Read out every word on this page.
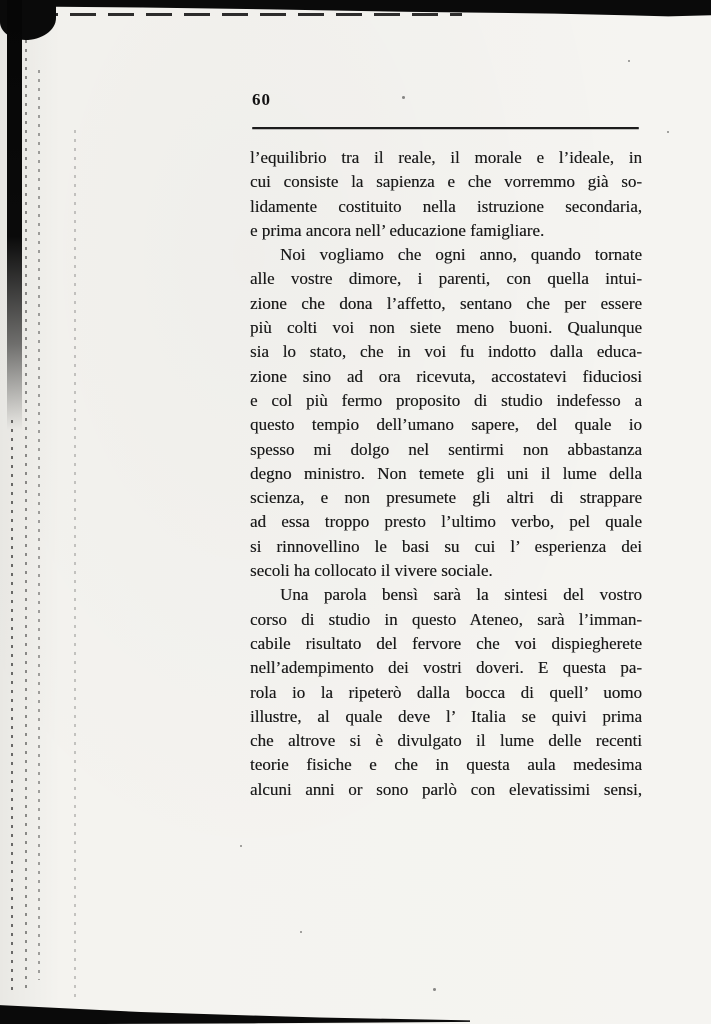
60
l’equilibrio tra il reale, il morale e l’ideale, in
cui consiste la sapienza e che vorremmo già so-
lidamente costituito nella istruzione secondaria,
e prima ancora nell’ educazione famigliare.
Noi vogliamo che ogni anno, quando tornate
alle vostre dimore, i parenti, con quella intui-
zione che dona l’affetto, sentano che per essere
più colti voi non siete meno buoni. Qualunque
sia lo stato, che in voi fu indotto dalla educa-
zione sino ad ora ricevuta, accostatevi fiduciosi
e col più fermo proposito di studio indefesso a
questo tempio dell’umano sapere, del quale io
spesso mi dolgo nel sentirmi non abbastanza
degno ministro. Non temete gli uni il lume della
scienza, e non presumete gli altri di strappare
ad essa troppo presto l’ultimo verbo, pel quale
si rinnovellino le basi su cui l’ esperienza dei
secoli ha collocato il vivere sociale.
Una parola bensì sarà la sintesi del vostro
corso di studio in questo Ateneo, sarà l’imman-
cabile risultato del fervore che voi dispiegherete
nell’adempimento dei vostri doveri. E questa pa-
rola io la ripeterò dalla bocca di quell’ uomo
illustre, al quale deve l’ Italia se quivi prima
che altrove si è divulgato il lume delle recenti
teorie fisiche e che in questa aula medesima
alcuni anni or sono parlò con elevatissimi sensi,
